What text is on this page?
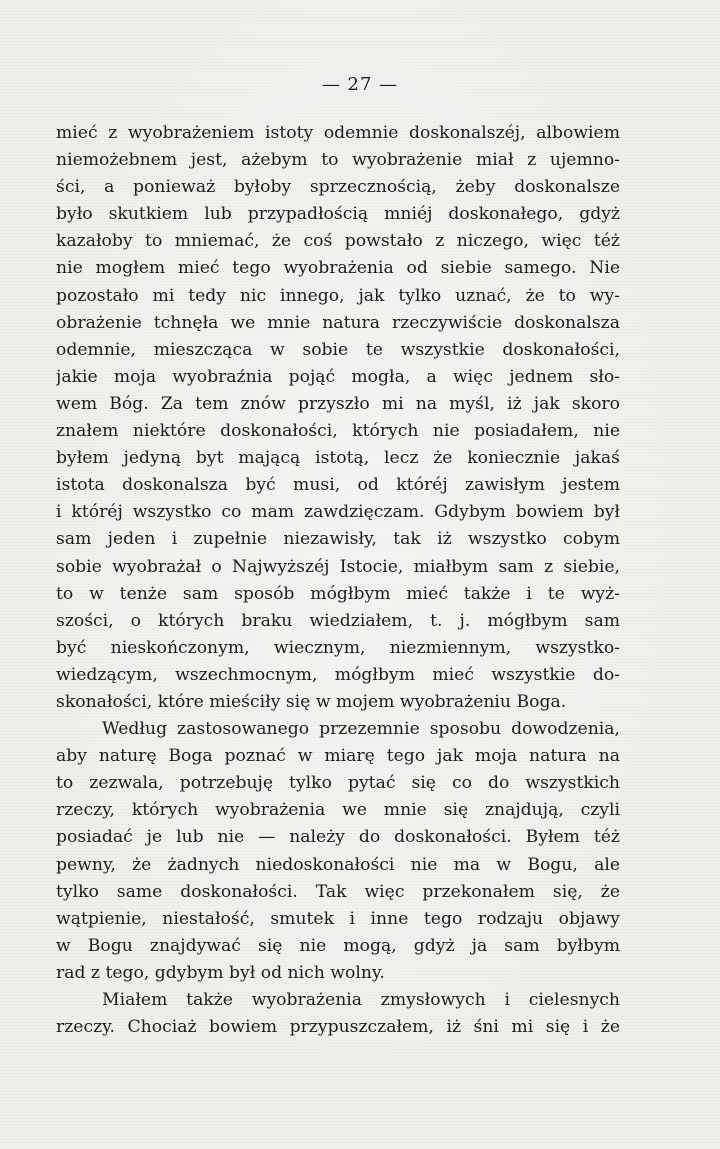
— 27 —
mieć z wyobrażeniem istoty odemnie doskonalszéj, albowiem
niemożebnem jest, ażebym to wyobrażenie miał z ujemno-
ści, a ponieważ byłoby sprzecznością, żeby doskonalsze
było skutkiem lub przypadłością mniéj doskonałego, gdyż
kazałoby to mniemać, że coś powstało z niczego, więc téż
nie mogłem mieć tego wyobrażenia od siebie samego. Nie
pozostało mi tedy nic innego, jak tylko uznać, że to wy-
obrażenie tchnęła we mnie natura rzeczywiście doskonalsza
odemnie, mieszcząca w sobie te wszystkie doskonałości,
jakie moja wyobraźnia pojąć mogła, a więc jednem sło-
wem Bóg. Za tem znów przyszło mi na myśl, iż jak skoro
znałem niektóre doskonałości, których nie posiadałem, nie
byłem jedyną byt mającą istotą, lecz że koniecznie jakaś
istota doskonalsza być musi, od któréj zawisłym jestem
i któréj wszystko co mam zawdzięczam. Gdybym bowiem był
sam jeden i zupełnie niezawisły, tak iż wszystko cobym
sobie wyobrażał o Najwyższéj Istocie, miałbym sam z siebie,
to w tenże sam sposób mógłbym mieć także i te wyż-
szości, o których braku wiedziałem, t. j. mógłbym sam
być nieskończonym, wiecznym, niezmiennym, wszystko-
wiedzącym, wszechmocnym, mógłbym mieć wszystkie do-
skonałości, które mieściły się w mojem wyobrażeniu Boga.
Według zastosowanego przezemnie sposobu dowodzenia,
aby naturę Boga poznać w miarę tego jak moja natura na
to zezwala, potrzebuję tylko pytać się co do wszystkich
rzeczy, których wyobrażenia we mnie się znajdują, czyli
posiadać je lub nie — należy do doskonałości. Byłem téż
pewny, że żadnych niedoskonałości nie ma w Bogu, ale
tylko same doskonałości. Tak więc przekonałem się, że
wątpienie, niestałość, smutek i inne tego rodzaju objawy
w Bogu znajdywać się nie mogą, gdyż ja sam byłbym
rad z tego, gdybym był od nich wolny.
Miałem także wyobrażenia zmysłowych i cielesnych
rzeczy. Chociaż bowiem przypuszczałem, iż śni mi się i że
